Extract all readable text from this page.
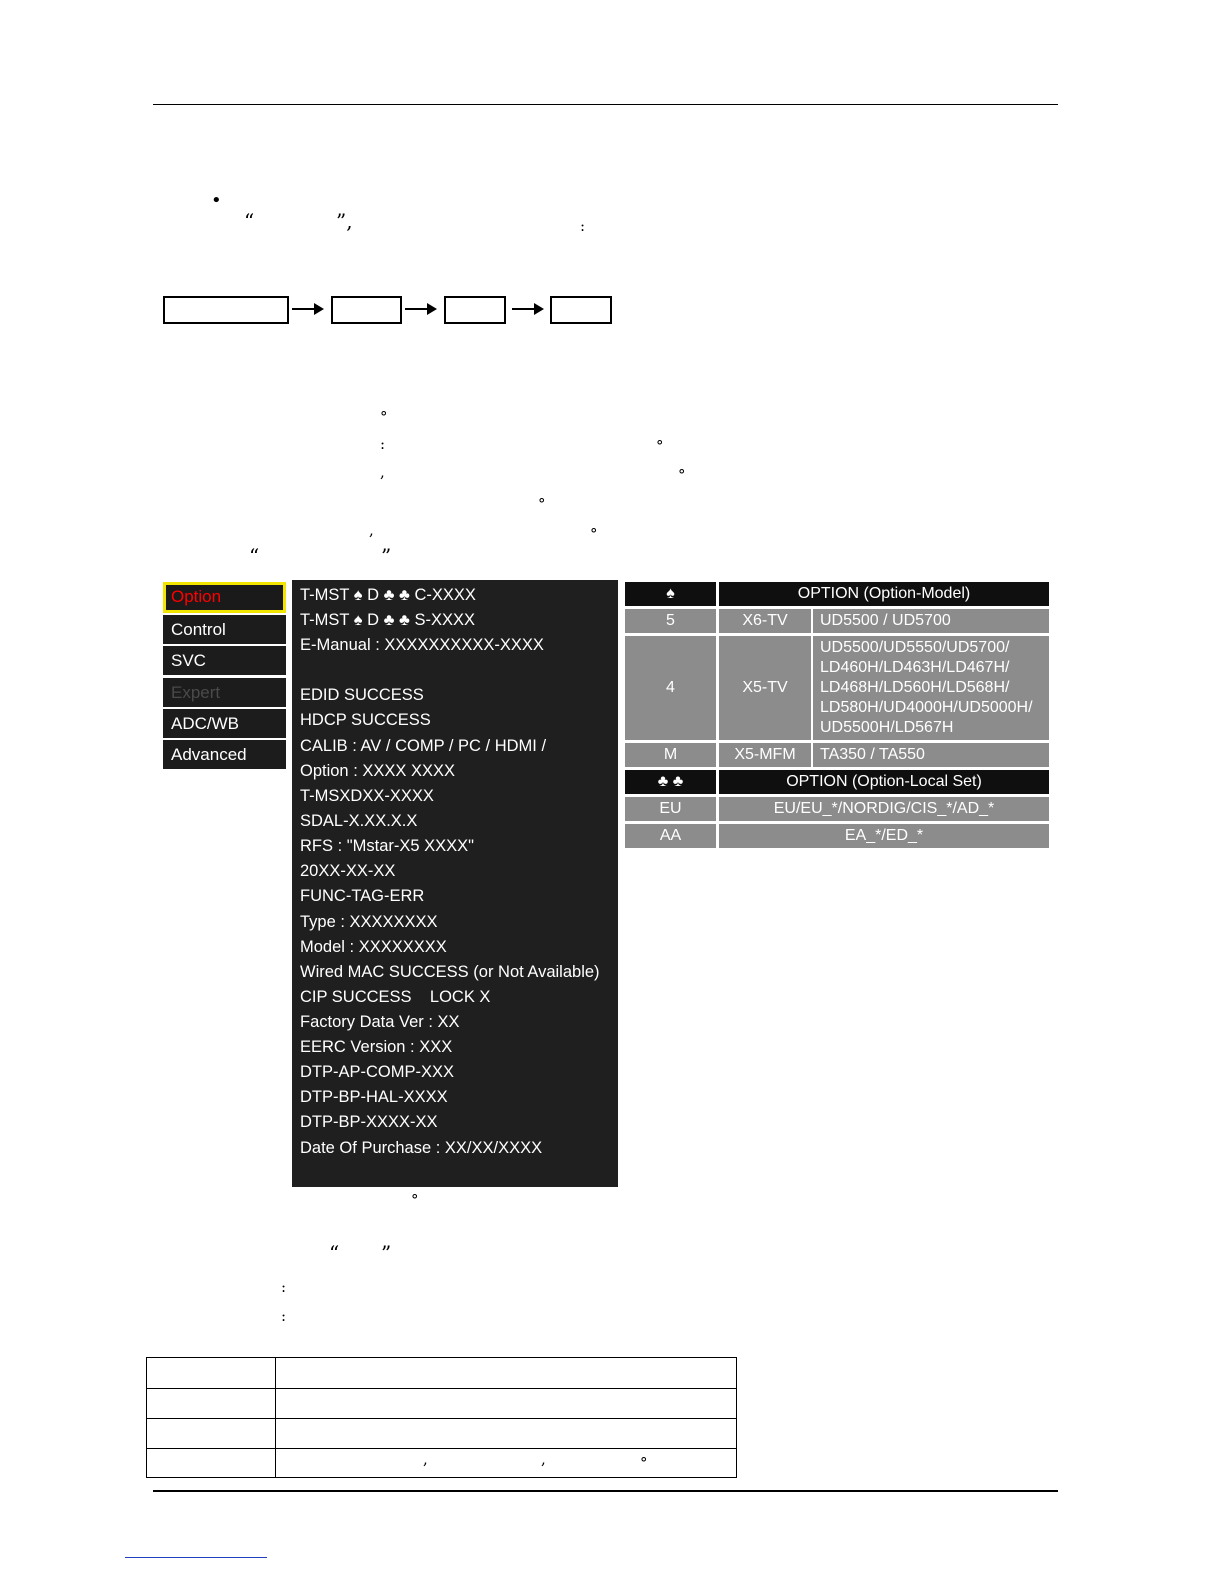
•
“	”,	:
°
:	°
,	°
°
,	°
“	”
°
“ ”
:
:
Option
Control
SVC
Expert
ADC/WB
Advanced
T-MST ♠ D ♣ ♣ C-XXXX
T-MST ♠ D ♣ ♣ S-XXXX
E-Manual : XXXXXXXXXX-XXXX
EDID SUCCESS
HDCP SUCCESS
CALIB : AV / COMP / PC / HDMI /
Option : XXXX XXXX
T-MSXDXX-XXXX
SDAL-X.XX.X.X
RFS : "Mstar-X5 XXXX"
20XX-XX-XX
FUNC-TAG-ERR
Type : XXXXXXXX
Model : XXXXXXXX
Wired MAC SUCCESS (or Not Available)
CIP SUCCESS    LOCK X
Factory Data Ver : XX
EERC Version : XXX
DTP-AP-COMP-XXX
DTP-BP-HAL-XXXX
DTP-BP-XXXX-XX
Date Of Purchase : XX/XX/XXXX
♠	OPTION (Option-Model)
5	X6-TV	UD5500 / UD5700
4	X5-TV
UD5500/UD5550/UD5700/
LD460H/LD463H/LD467H/
LD468H/LD560H/LD568H/
LD580H/UD4000H/UD5000H/
UD5500H/LD567H
M	X5-MFM	TA350 / TA550
♣ ♣	OPTION (Option-Local Set)
EU	EU/EU_*/NORDIG/CIS_*/AD_*
AA	EA_*/ED_*
,	,	°
